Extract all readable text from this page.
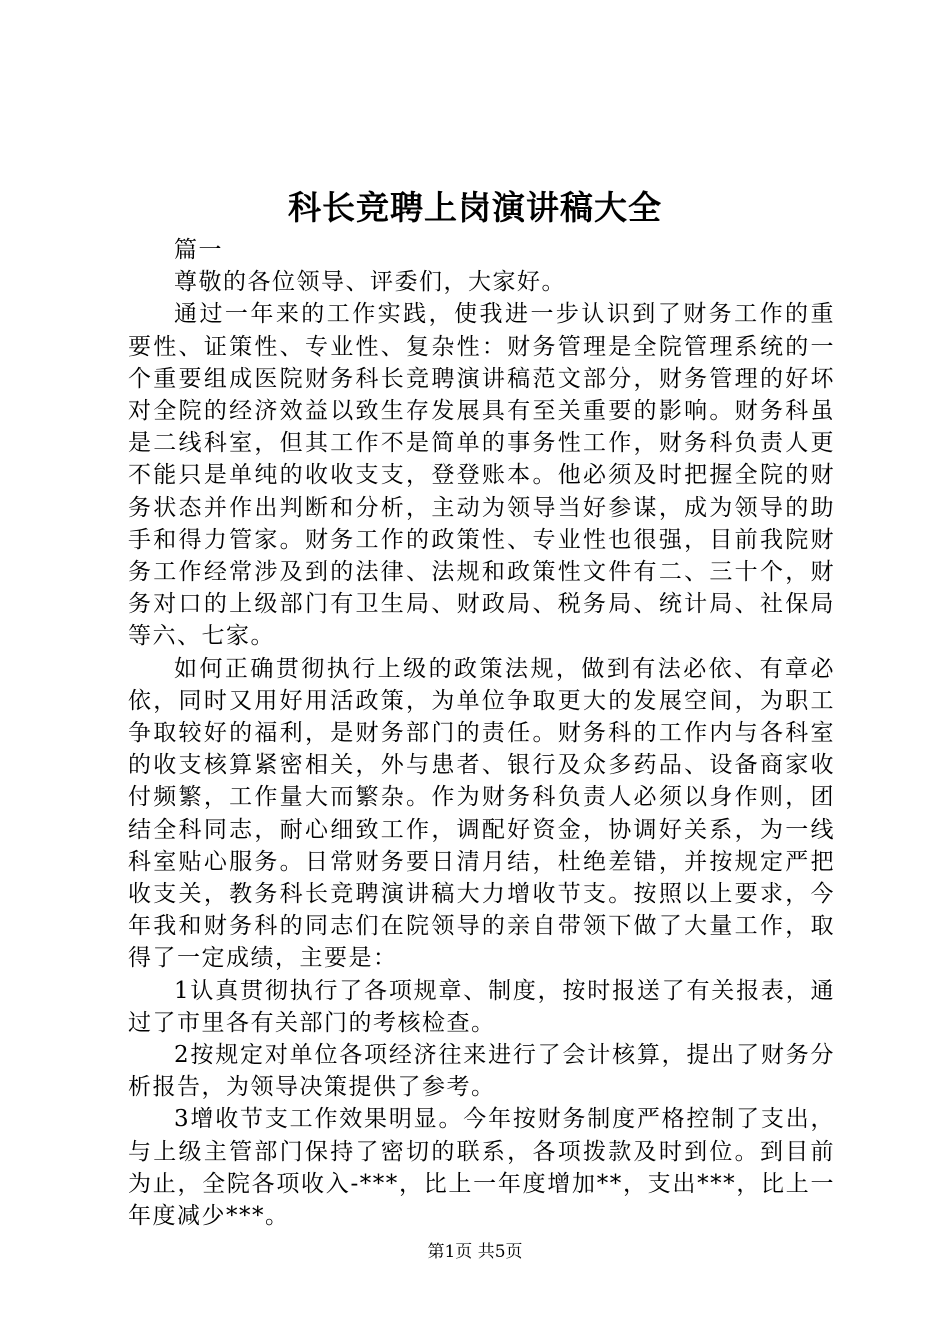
科长竞聘上岗演讲稿大全

篇一

尊敬的各位领导、评委们，大家好。

通过一年来的工作实践，使我进一步认识到了财务工作的重要性、证策性、专业性、复杂性：财务管理是全院管理系统的一个重要组成医院财务科长竞聘演讲稿范文部分，财务管理的好坏对全院的经济效益以致生存发展具有至关重要的影响。财务科虽是二线科室，但其工作不是简单的事务性工作，财务科负责人更不能只是单纯的收收支支，登登账本。他必须及时把握全院的财务状态并作出判断和分析，主动为领导当好参谋，成为领导的助手和得力管家。财务工作的政策性、专业性也很强，目前我院财务工作经常涉及到的法律、法规和政策性文件有二、三十个，财务对口的上级部门有卫生局、财政局、税务局、统计局、社保局等六、七家。

如何正确贯彻执行上级的政策法规，做到有法必依、有章必依，同时又用好用活政策，为单位争取更大的发展空间，为职工争取较好的福利，是财务部门的责任。财务科的工作内与各科室的收支核算紧密相关，外与患者、银行及众多药品、设备商家收付频繁，工作量大而繁杂。作为财务科负责人必须以身作则，团结全科同志，耐心细致工作，调配好资金，协调好关系，为一线科室贴心服务。日常财务要日清月结，杜绝差错，并按规定严把收支关，教务科长竞聘演讲稿大力增收节支。按照以上要求，今年我和财务科的同志们在院领导的亲自带领下做了大量工作，取得了一定成绩，主要是：

1认真贯彻执行了各项规章、制度，按时报送了有关报表，通过了市里各有关部门的考核检查。

2按规定对单位各项经济往来进行了会计核算，提出了财务分析报告，为领导决策提供了参考。

3增收节支工作效果明显。今年按财务制度严格控制了支出，与上级主管部门保持了密切的联系，各项拨款及时到位。到目前为止，全院各项收入-***，比上一年度增加**，支出***，比上一年度减少***。

第1页 共5页
